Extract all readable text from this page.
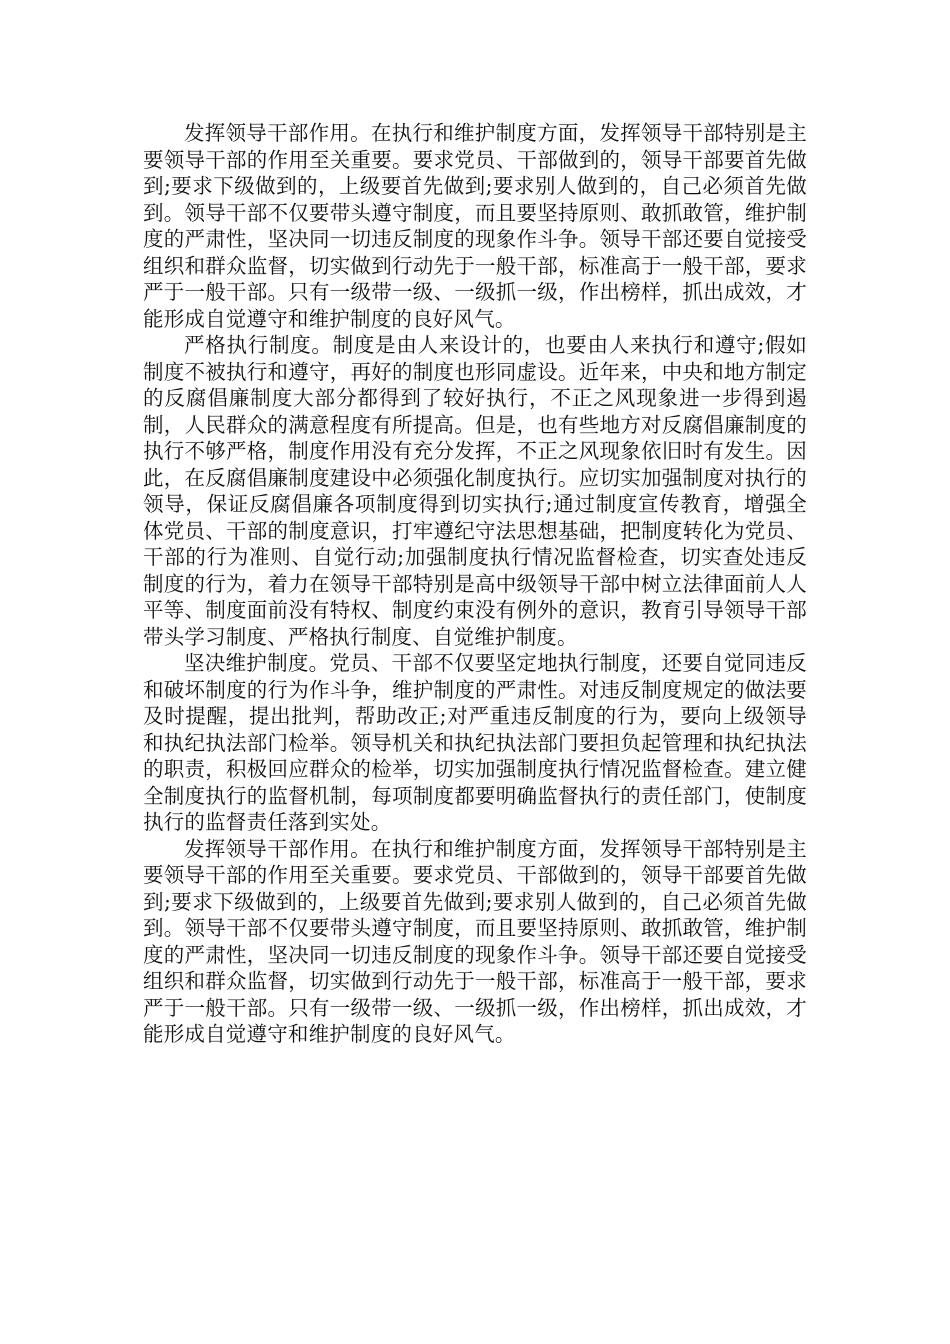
发挥领导干部作用。在执行和维护制度方面，发挥领导干部特别是主要领导干部的作用至关重要。要求党员、干部做到的，领导干部要首先做到;要求下级做到的，上级要首先做到;要求别人做到的，自己必须首先做到。领导干部不仅要带头遵守制度，而且要坚持原则、敢抓敢管，维护制度的严肃性，坚决同一切违反制度的现象作斗争。领导干部还要自觉接受组织和群众监督，切实做到行动先于一般干部，标准高于一般干部，要求严于一般干部。只有一级带一级、一级抓一级，作出榜样，抓出成效，才能形成自觉遵守和维护制度的良好风气。

严格执行制度。制度是由人来设计的，也要由人来执行和遵守;假如制度不被执行和遵守，再好的制度也形同虚设。近年来，中央和地方制定的反腐倡廉制度大部分都得到了较好执行，不正之风现象进一步得到遏制，人民群众的满意程度有所提高。但是，也有些地方对反腐倡廉制度的执行不够严格，制度作用没有充分发挥，不正之风现象依旧时有发生。因此，在反腐倡廉制度建设中必须强化制度执行。应切实加强制度对执行的领导，保证反腐倡廉各项制度得到切实执行;通过制度宣传教育，增强全体党员、干部的制度意识，打牢遵纪守法思想基础，把制度转化为党员、干部的行为准则、自觉行动;加强制度执行情况监督检查，切实查处违反制度的行为，着力在领导干部特别是高中级领导干部中树立法律面前人人平等、制度面前没有特权、制度约束没有例外的意识，教育引导领导干部带头学习制度、严格执行制度、自觉维护制度。

坚决维护制度。党员、干部不仅要坚定地执行制度，还要自觉同违反和破坏制度的行为作斗争，维护制度的严肃性。对违反制度规定的做法要及时提醒，提出批判，帮助改正;对严重违反制度的行为，要向上级领导和执纪执法部门检举。领导机关和执纪执法部门要担负起管理和执纪执法的职责，积极回应群众的检举，切实加强制度执行情况监督检查。建立健全制度执行的监督机制，每项制度都要明确监督执行的责任部门，使制度执行的监督责任落到实处。

发挥领导干部作用。在执行和维护制度方面，发挥领导干部特别是主要领导干部的作用至关重要。要求党员、干部做到的，领导干部要首先做到;要求下级做到的，上级要首先做到;要求别人做到的，自己必须首先做到。领导干部不仅要带头遵守制度，而且要坚持原则、敢抓敢管，维护制度的严肃性，坚决同一切违反制度的现象作斗争。领导干部还要自觉接受组织和群众监督，切实做到行动先于一般干部，标准高于一般干部，要求严于一般干部。只有一级带一级、一级抓一级，作出榜样，抓出成效，才能形成自觉遵守和维护制度的良好风气。
